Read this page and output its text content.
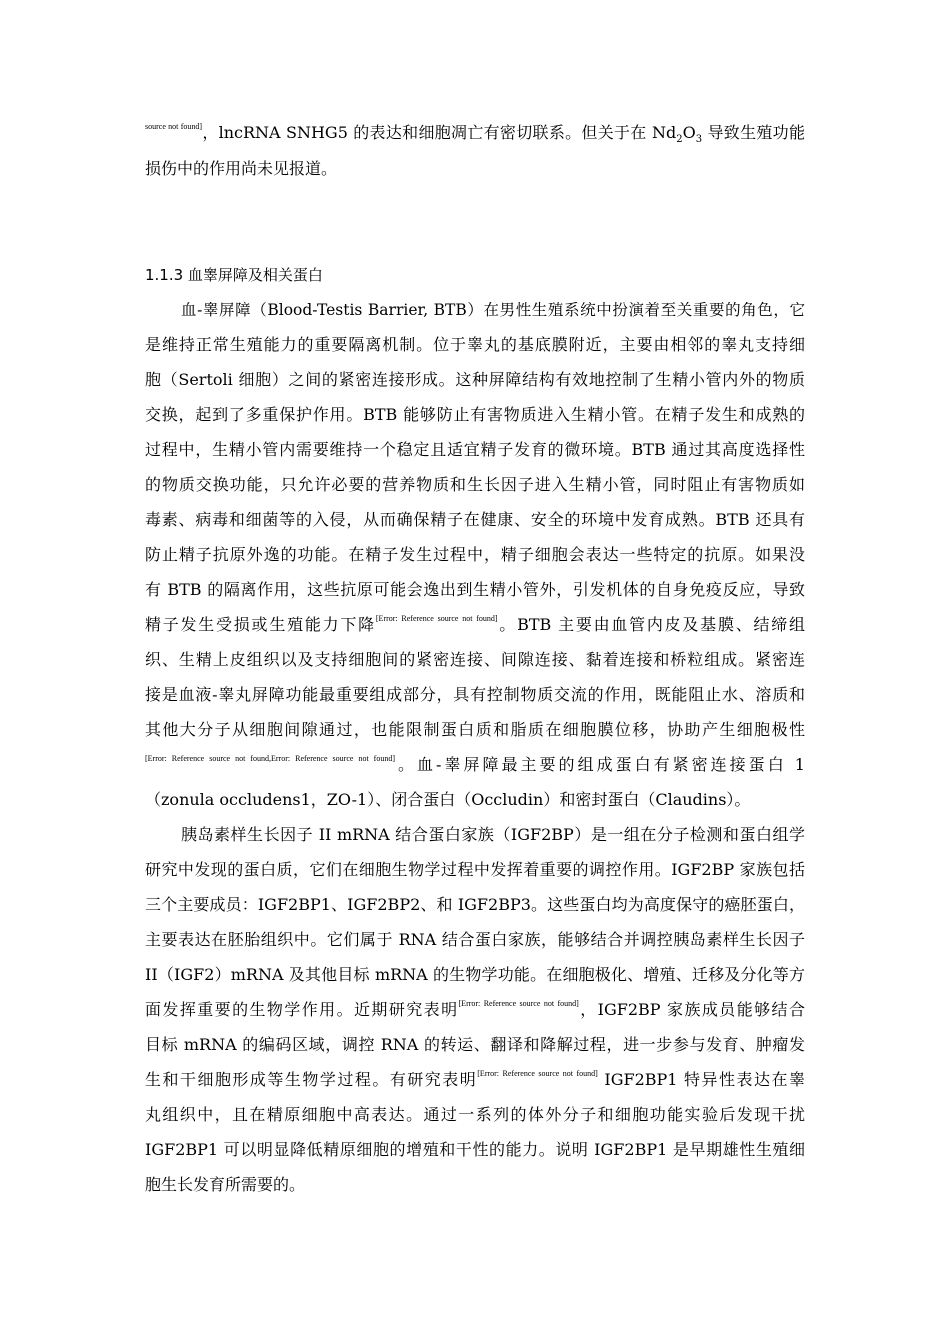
$^{source not found]}$，lncRNA SNHG5 的表达和细胞凋亡有密切联系。但关于在 $Nd_2O_3$ 导致生殖功能
损伤中的作用尚未见报道。
1.1.3 血睾屏障及相关蛋白
血-睾屏障（Blood-Testis Barrier, BTB）在男性生殖系统中扮演着至关重要的角色，它
是维持正常生殖能力的重要隔离机制。位于睾丸的基底膜附近，主要由相邻的睾丸支持细
胞（Sertoli 细胞）之间的紧密连接形成。这种屏障结构有效地控制了生精小管内外的物质
交换，起到了多重保护作用。BTB 能够防止有害物质进入生精小管。在精子发生和成熟的
过程中，生精小管内需要维持一个稳定且适宜精子发育的微环境。BTB 通过其高度选择性
的物质交换功能，只允许必要的营养物质和生长因子进入生精小管，同时阻止有害物质如
毒素、病毒和细菌等的入侵，从而确保精子在健康、安全的环境中发育成熟。BTB 还具有
防止精子抗原外逸的功能。在精子发生过程中，精子细胞会表达一些特定的抗原。如果没
有 BTB 的隔离作用，这些抗原可能会逸出到生精小管外，引发机体的自身免疫反应，导致
精子发生受损或生殖能力下降[Error: Reference source not found]。BTB 主要由血管内皮及基膜、结缔组
织、生精上皮组织以及支持细胞间的紧密连接、间隙连接、黏着连接和桥粒组成。紧密连
接是血液-睾丸屏障功能最重要组成部分，具有控制物质交流的作用，既能阻止水、溶质和
其他大分子从细胞间隙通过，也能限制蛋白质和脂质在细胞膜位移，协助产生细胞极性
[Error: Reference source not found,Error: Reference source not found]。血-睾屏障最主要的组成蛋白有紧密连接蛋白 1
（zonula occludens1，ZO-1）、闭合蛋白（Occludin）和密封蛋白（Claudins）。
胰岛素样生长因子 II mRNA 结合蛋白家族（IGF2BP）是一组在分子检测和蛋白组学
研究中发现的蛋白质，它们在细胞生物学过程中发挥着重要的调控作用。IGF2BP 家族包括
三个主要成员：IGF2BP1、IGF2BP2、和 IGF2BP3。这些蛋白均为高度保守的癌胚蛋白，
主要表达在胚胎组织中。它们属于 RNA 结合蛋白家族，能够结合并调控胰岛素样生长因子
II（IGF2）mRNA 及其他目标 mRNA 的生物学功能。在细胞极化、增殖、迁移及分化等方
面发挥重要的生物学作用。近期研究表明[Error: Reference source not found]，IGF2BP 家族成员能够结合
目标 mRNA 的编码区域，调控 RNA 的转运、翻译和降解过程，进一步参与发育、肿瘤发
生和干细胞形成等生物学过程。有研究表明[Error: Reference source not found] IGF2BP1 特异性表达在睾
丸组织中，且在精原细胞中高表达。通过一系列的体外分子和细胞功能实验后发现干扰
IGF2BP1 可以明显降低精原细胞的增殖和干性的能力。说明 IGF2BP1 是早期雄性生殖细
胞生长发育所需要的。
